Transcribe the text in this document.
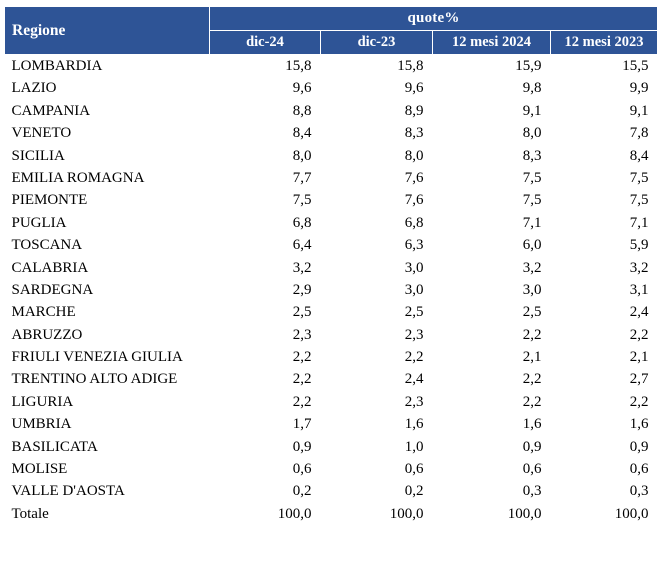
Regione	quote%			
	dic-24	dic-23	12 mesi 2024	12 mesi 2023
LOMBARDIA	15,8	15,8	15,9	15,5
LAZIO	9,6	9,6	9,8	9,9
CAMPANIA	8,8	8,9	9,1	9,1
VENETO	8,4	8,3	8,0	7,8
SICILIA	8,0	8,0	8,3	8,4
EMILIA ROMAGNA	7,7	7,6	7,5	7,5
PIEMONTE	7,5	7,6	7,5	7,5
PUGLIA	6,8	6,8	7,1	7,1
TOSCANA	6,4	6,3	6,0	5,9
CALABRIA	3,2	3,0	3,2	3,2
SARDEGNA	2,9	3,0	3,0	3,1
MARCHE	2,5	2,5	2,5	2,4
ABRUZZO	2,3	2,3	2,2	2,2
FRIULI VENEZIA GIULIA	2,2	2,2	2,1	2,1
TRENTINO ALTO ADIGE	2,2	2,4	2,2	2,7
LIGURIA	2,2	2,3	2,2	2,2
UMBRIA	1,7	1,6	1,6	1,6
BASILICATA	0,9	1,0	0,9	0,9
MOLISE	0,6	0,6	0,6	0,6
VALLE D'AOSTA	0,2	0,2	0,3	0,3
Totale	100,0	100,0	100,0	100,0
